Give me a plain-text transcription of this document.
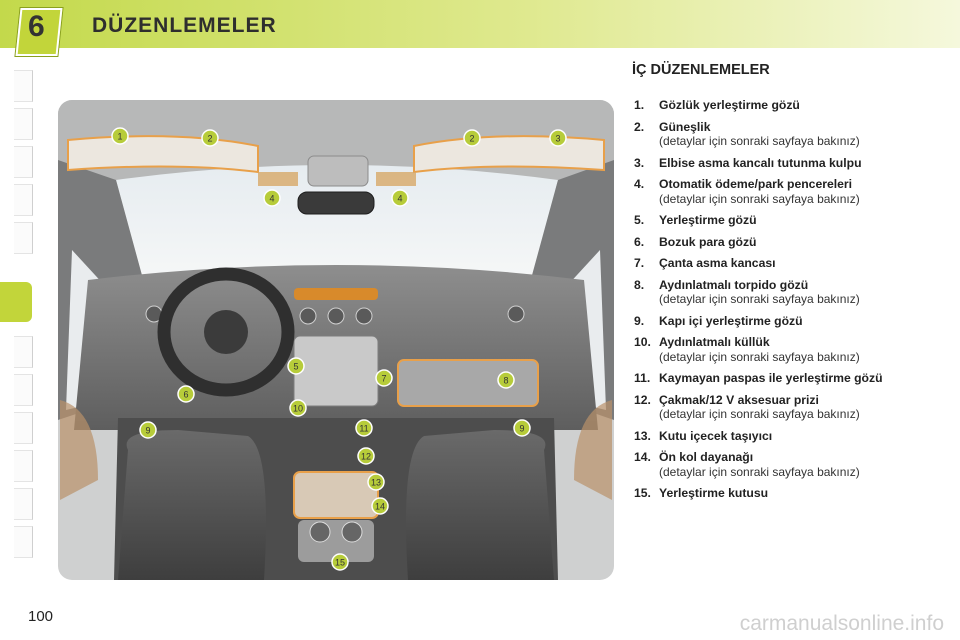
6 DÜZENLEMELER
1	2	2	3
4	4
5
6
7	8
9	9
10
11
12
13
14
15
İÇ DÜZENLEMELER
1.	Gözlük yerleştirme gözü
2.	Güneşlik
(detaylar için sonraki sayfaya bakınız)
3.	Elbise asma kancalı tutunma kulpu
4.	Otomatik ödeme/park pencereleri
(detaylar için sonraki sayfaya bakınız)
5.	Yerleştirme gözü
6.	Bozuk para gözü
7.	Çanta asma kancası
8.	Aydınlatmalı torpido gözü
(detaylar için sonraki sayfaya bakınız)
9.	Kapı içi yerleştirme gözü
10. Aydınlatmalı küllük
(detaylar için sonraki sayfaya bakınız)
11. Kaymayan paspas ile yerleştirme gözü
12. Çakmak/12 V aksesuar prizi
(detaylar için sonraki sayfaya bakınız)
13. Kutu içecek taşıyıcı
14. Ön kol dayanağı
(detaylar için sonraki sayfaya bakınız)
15. Yerleştirme kutusu
100	carmanualsonline.info
